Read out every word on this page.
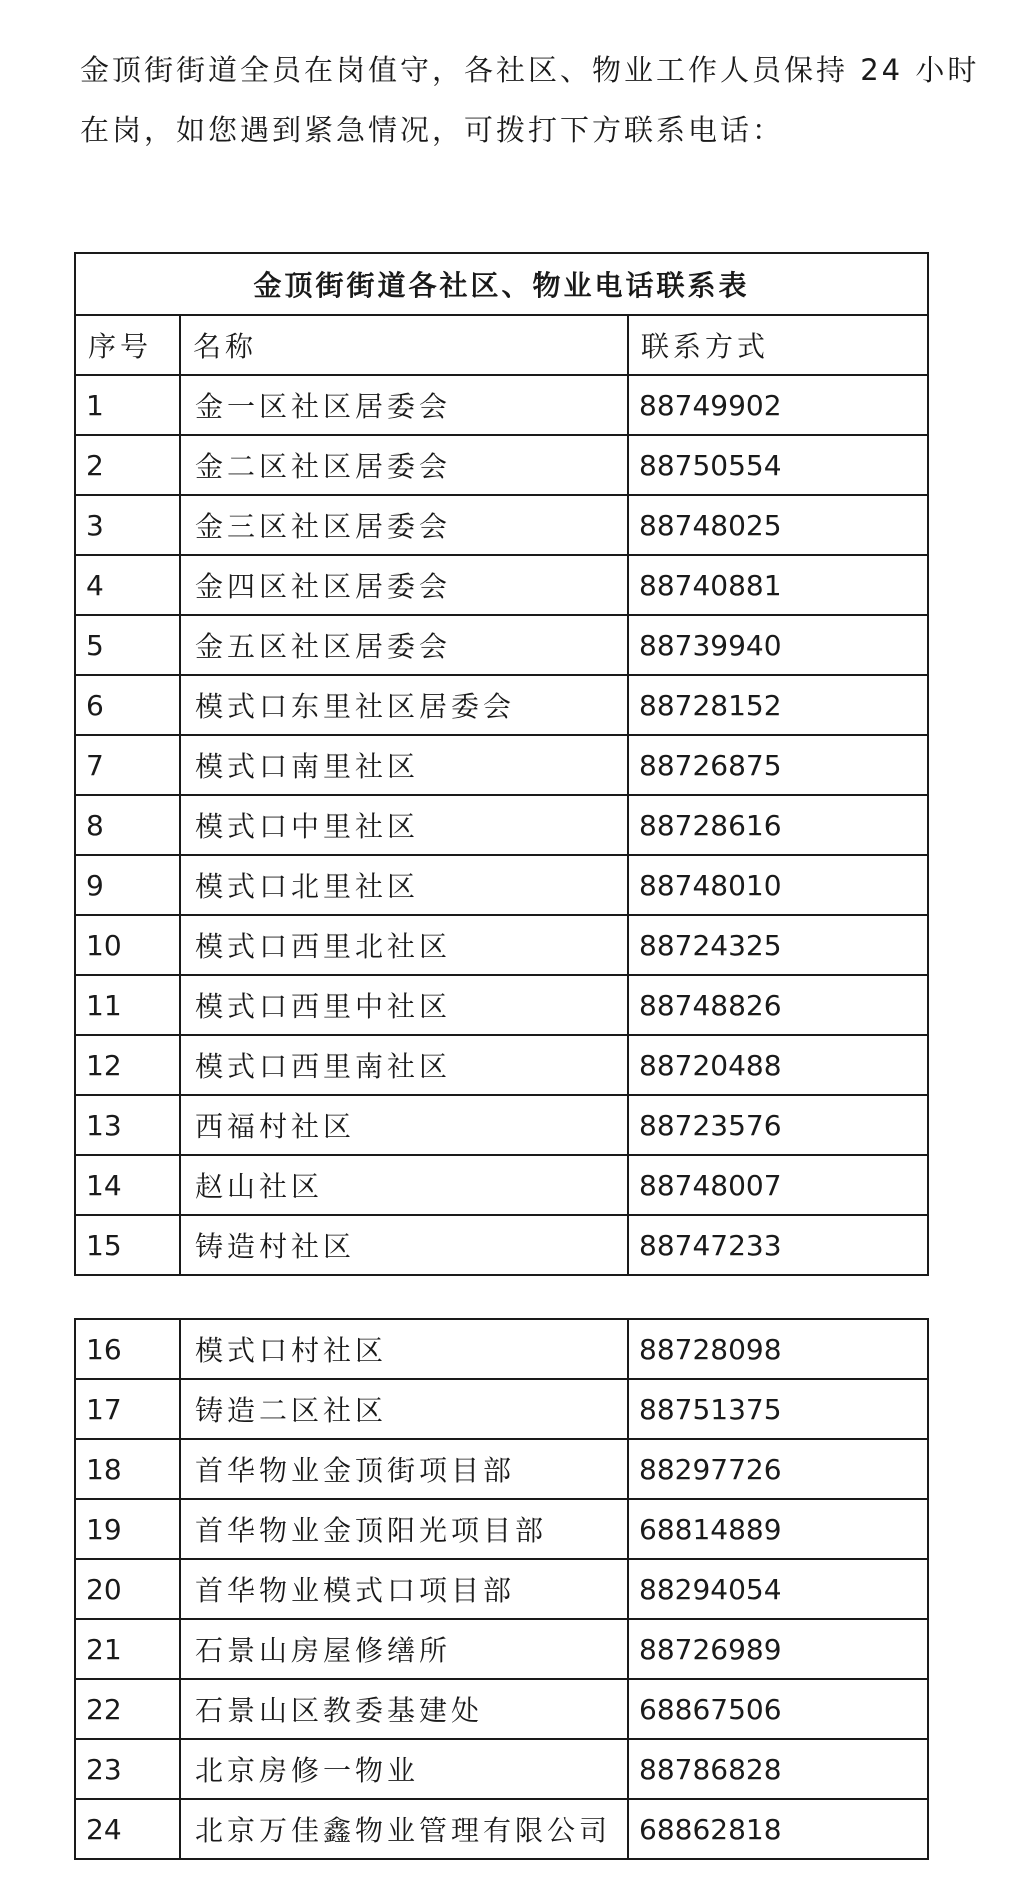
金顶街街道全员在岗值守，各社区、物业工作人员保持 24 小时
在岗，如您遇到紧急情况，可拨打下方联系电话：

金顶街街道各社区、物业电话联系表		
序号	名称	联系方式
1	金一区社区居委会	88749902
2	金二区社区居委会	88750554
3	金三区社区居委会	88748025
4	金四区社区居委会	88740881
5	金五区社区居委会	88739940
6	模式口东里社区居委会	88728152
7	模式口南里社区	88726875
8	模式口中里社区	88728616
9	模式口北里社区	88748010
10	模式口西里北社区	88724325
11	模式口西里中社区	88748826
12	模式口西里南社区	88720488
13	西福村社区	88723576
14	赵山社区	88748007
15	铸造村社区	88747233
16	模式口村社区	88728098
17	铸造二区社区	88751375
18	首华物业金顶街项目部	88297726
19	首华物业金顶阳光项目部	68814889
20	首华物业模式口项目部	88294054
21	石景山房屋修缮所	88726989
22	石景山区教委基建处	68867506
23	北京房修一物业	88786828
24	北京万佳鑫物业管理有限公司	68862818
